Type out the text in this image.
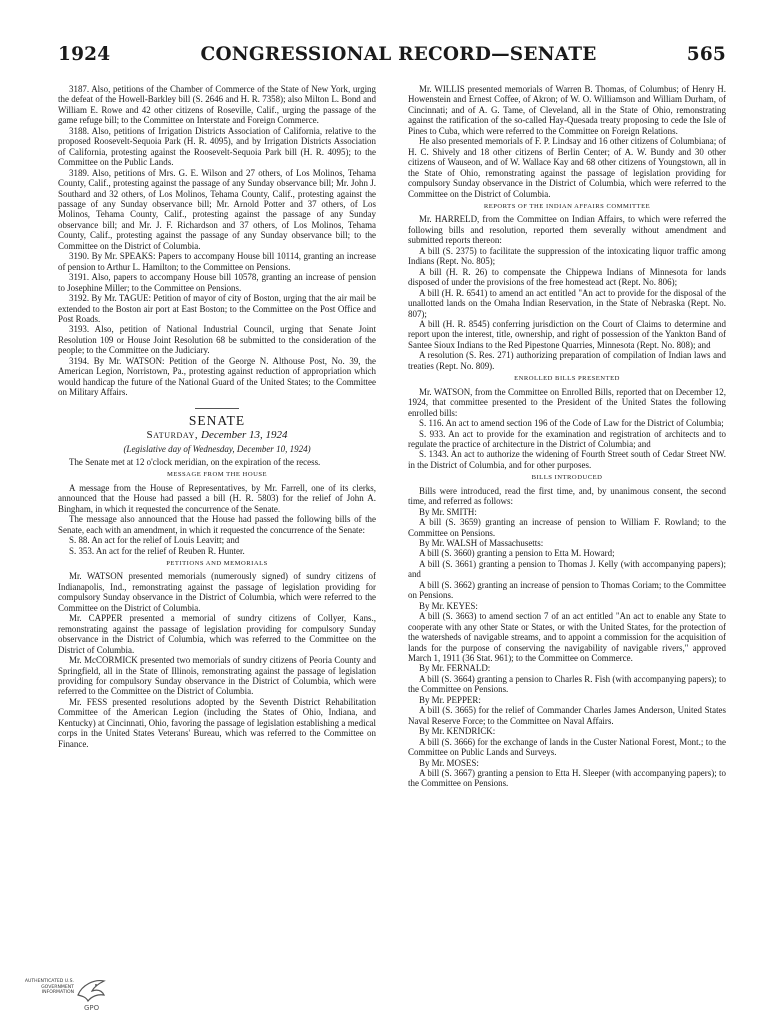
1924	CONGRESSIONAL RECORD—SENATE	565

3187. Also, petitions of the Chamber of Commerce of the State of New York, urging the defeat of the Howell-Barkley bill (S. 2646 and H. R. 7358); also Milton L. Bond and William E. Rowe and 42 other citizens of Roseville, Calif., urging the passage of the game refuge bill; to the Committee on Interstate and Foreign Commerce.

3188. Also, petitions of Irrigation Districts Association of California, relative to the proposed Roosevelt-Sequoia Park (H. R. 4095), and by Irrigation Districts Association of California, protesting against the Roosevelt-Sequoia Park bill (H. R. 4095); to the Committee on the Public Lands.

3189. Also, petitions of Mrs. G. E. Wilson and 27 others, of Los Molinos, Tehama County, Calif., protesting against the passage of any Sunday observance bill; Mr. John J. Southard and 32 others, of Los Molinos, Tehama County, Calif., protesting against the passage of any Sunday observance bill; Mr. Arnold Potter and 37 others, of Los Molinos, Tehama County, Calif., protesting against the passage of any Sunday observance bill; and Mr. J. F. Richardson and 37 others, of Los Molinos, Tehama County, Calif., protesting against the passage of any Sunday observance bill; to the Committee on the District of Columbia.

3190. By Mr. SPEAKS: Papers to accompany House bill 10114, granting an increase of pension to Arthur L. Hamilton; to the Committee on Pensions.

3191. Also, papers to accompany House bill 10578, granting an increase of pension to Josephine Miller; to the Committee on Pensions.

3192. By Mr. TAGUE: Petition of mayor of city of Boston, urging that the air mail be extended to the Boston air port at East Boston; to the Committee on the Post Office and Post Roads.

3193. Also, petition of National Industrial Council, urging that Senate Joint Resolution 109 or House Joint Resolution 68 be submitted to the consideration of the people; to the Committee on the Judiciary.

3194. By Mr. WATSON: Petition of the George N. Althouse Post, No. 39, the American Legion, Norristown, Pa., protesting against reduction of appropriation which would handicap the future of the National Guard of the United States; to the Committee on Military Affairs.

SENATE
Saturday, December 13, 1924
(Legislative day of Wednesday, December 10, 1924)

The Senate met at 12 o'clock meridian, on the expiration of the recess.

MESSAGE FROM THE HOUSE

A message from the House of Representatives, by Mr. Farrell, one of its clerks, announced that the House had passed a bill (H. R. 5803) for the relief of John A. Bingham, in which it requested the concurrence of the Senate.

The message also announced that the House had passed the following bills of the Senate, each with an amendment, in which it requested the concurrence of the Senate:

S. 88. An act for the relief of Louis Leavitt; and

S. 353. An act for the relief of Reuben R. Hunter.

PETITIONS AND MEMORIALS

Mr. WATSON presented memorials (numerously signed) of sundry citizens of Indianapolis, Ind., remonstrating against the passage of legislation providing for compulsory Sunday observance in the District of Columbia, which were referred to the Committee on the District of Columbia.

Mr. CAPPER presented a memorial of sundry citizens of Collyer, Kans., remonstrating against the passage of legislation providing for compulsory Sunday observance in the District of Columbia, which was referred to the Committee on the District of Columbia.

Mr. McCORMICK presented two memorials of sundry citizens of Peoria County and Springfield, all in the State of Illinois, remonstrating against the passage of legislation providing for compulsory Sunday observance in the District of Columbia, which were referred to the Committee on the District of Columbia.

Mr. FESS presented resolutions adopted by the Seventh District Rehabilitation Committee of the American Legion (including the States of Ohio, Indiana, and Kentucky) at Cincinnati, Ohio, favoring the passage of legislation establishing a medical corps in the United States Veterans' Bureau, which was referred to the Committee on Finance.

Mr. WILLIS presented memorials of Warren B. Thomas, of Columbus; of Henry H. Howenstein and Ernest Coffee, of Akron; of W. O. Williamson and William Durham, of Cincinnati; and of A. G. Tame, of Cleveland, all in the State of Ohio, remonstrating against the ratification of the so-called Hay-Quesada treaty proposing to cede the Isle of Pines to Cuba, which were referred to the Committee on Foreign Relations.

He also presented memorials of F. P. Lindsay and 16 other citizens of Columbiana; of H. C. Shively and 18 other citizens of Berlin Center; of A. W. Bundy and 30 other citizens of Wauseon, and of W. Wallace Kay and 68 other citizens of Youngstown, all in the State of Ohio, remonstrating against the passage of legislation providing for compulsory Sunday observance in the District of Columbia, which were referred to the Committee on the District of Columbia.

REPORTS OF THE INDIAN AFFAIRS COMMITTEE

Mr. HARRELD, from the Committee on Indian Affairs, to which were referred the following bills and resolution, reported them severally without amendment and submitted reports thereon:

A bill (S. 2375) to facilitate the suppression of the intoxicating liquor traffic among Indians (Rept. No. 805);

A bill (H. R. 26) to compensate the Chippewa Indians of Minnesota for lands disposed of under the provisions of the free homestead act (Rept. No. 806);

A bill (H. R. 6541) to amend an act entitled "An act to provide for the disposal of the unallotted lands on the Omaha Indian Reservation, in the State of Nebraska (Rept. No. 807);

A bill (H. R. 8545) conferring jurisdiction on the Court of Claims to determine and report upon the interest, title, ownership, and right of possession of the Yankton Band of Santee Sioux Indians to the Red Pipestone Quarries, Minnesota (Rept. No. 808); and

A resolution (S. Res. 271) authorizing preparation of compilation of Indian laws and treaties (Rept. No. 809).

ENROLLED BILLS PRESENTED

Mr. WATSON, from the Committee on Enrolled Bills, reported that on December 12, 1924, that committee presented to the President of the United States the following enrolled bills:

S. 116. An act to amend section 196 of the Code of Law for the District of Columbia;

S. 933. An act to provide for the examination and registration of architects and to regulate the practice of architecture in the District of Columbia; and

S. 1343. An act to authorize the widening of Fourth Street south of Cedar Street NW. in the District of Columbia, and for other purposes.

BILLS INTRODUCED

Bills were introduced, read the first time, and, by unanimous consent, the second time, and referred as follows:

By Mr. SMITH:

A bill (S. 3659) granting an increase of pension to William F. Rowland; to the Committee on Pensions.

By Mr. WALSH of Massachusetts:

A bill (S. 3660) granting a pension to Etta M. Howard;

A bill (S. 3661) granting a pension to Thomas J. Kelly (with accompanying papers); and

A bill (S. 3662) granting an increase of pension to Thomas Coriam; to the Committee on Pensions.

By Mr. KEYES:

A bill (S. 3663) to amend section 7 of an act entitled "An act to enable any State to cooperate with any other State or States, or with the United States, for the protection of the watersheds of navigable streams, and to appoint a commission for the acquisition of lands for the purpose of conserving the navigability of navigable rivers," approved March 1, 1911 (36 Stat. 961); to the Committee on Commerce.

By Mr. FERNALD:

A bill (S. 3664) granting a pension to Charles R. Fish (with accompanying papers); to the Committee on Pensions.

By Mr. PEPPER:

A bill (S. 3665) for the relief of Commander Charles James Anderson, United States Naval Reserve Force; to the Committee on Naval Affairs.

By Mr. KENDRICK:

A bill (S. 3666) for the exchange of lands in the Custer National Forest, Mont.; to the Committee on Public Lands and Surveys.

By Mr. MOSES:

A bill (S. 3667) granting a pension to Etta H. Sleeper (with accompanying papers); to the Committee on Pensions.

AUTHENTICATED U.S. GOVERNMENT INFORMATION
GPO
